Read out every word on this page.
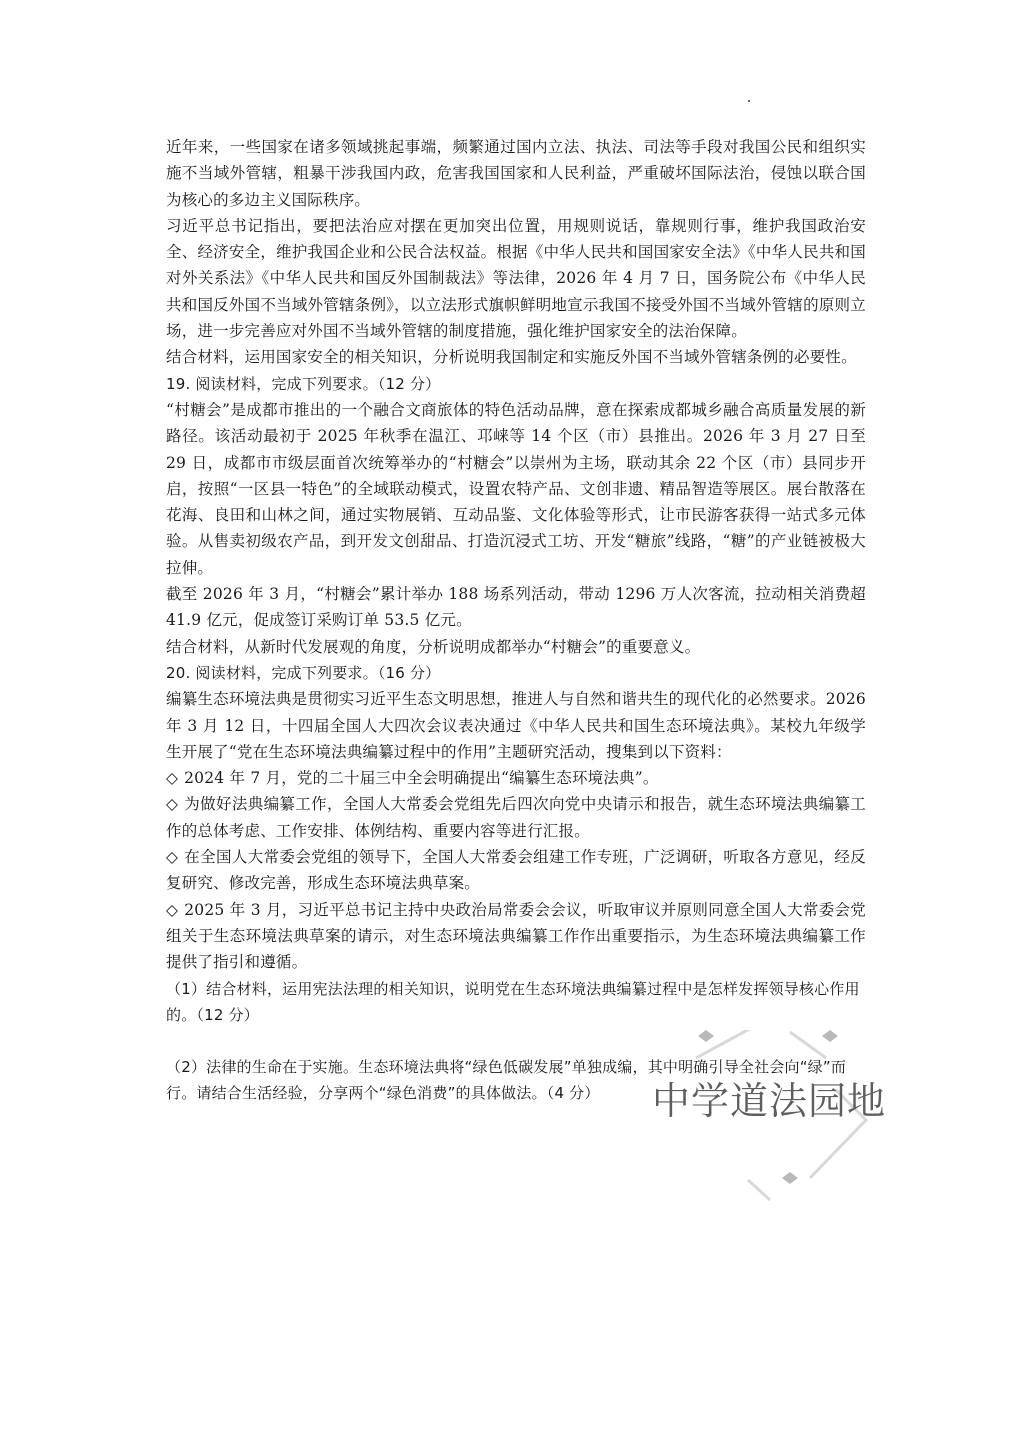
近年来，一些国家在诸多领域挑起事端，频繁通过国内立法、执法、司法等手段对我国公民和组织实施不当域外管辖，粗暴干涉我国内政，危害我国国家和人民利益，严重破坏国际法治，侵蚀以联合国为核心的多边主义国际秩序。

习近平总书记指出，要把法治应对摆在更加突出位置，用规则说话，靠规则行事，维护我国政治安全、经济安全，维护我国企业和公民合法权益。根据《中华人民共和国国家安全法》《中华人民共和国对外关系法》《中华人民共和国反外国制裁法》等法律，2026 年 4 月 7 日，国务院公布《中华人民共和国反外国不当域外管辖条例》，以立法形式旗帜鲜明地宣示我国不接受外国不当域外管辖的原则立场，进一步完善应对外国不当域外管辖的制度措施，强化维护国家安全的法治保障。

结合材料，运用国家安全的相关知识，分析说明我国制定和实施反外国不当域外管辖条例的必要性。

19. 阅读材料，完成下列要求。（12 分）

“村糖会”是成都市推出的一个融合文商旅体的特色活动品牌，意在探索成都城乡融合高质量发展的新路径。该活动最初于 2025 年秋季在温江、邛崃等 14 个区（市）县推出。2026 年 3 月 27 日至 29 日，成都市市级层面首次统筹举办的“村糖会”以崇州为主场，联动其余 22 个区（市）县同步开启，按照“一区县一特色”的全域联动模式，设置农特产品、文创非遗、精品智造等展区。展台散落在花海、良田和山林之间，通过实物展销、互动品鉴、文化体验等形式，让市民游客获得一站式多元体验。从售卖初级农产品，到开发文创甜品、打造沉浸式工坊、开发“糖旅”线路，“糖”的产业链被极大拉伸。

截至 2026 年 3 月，“村糖会”累计举办 188 场系列活动，带动 1296 万人次客流，拉动相关消费超 41.9 亿元，促成签订采购订单 53.5 亿元。

结合材料，从新时代发展观的角度，分析说明成都举办“村糖会”的重要意义。

20. 阅读材料，完成下列要求。（16 分）

编纂生态环境法典是贯彻实习近平生态文明思想，推进人与自然和谐共生的现代化的必然要求。2026 年 3 月 12 日，十四届全国人大四次会议表决通过《中华人民共和国生态环境法典》。某校九年级学生开展了“党在生态环境法典编纂过程中的作用”主题研究活动，搜集到以下资料：

◇ 2024 年 7 月，党的二十届三中全会明确提出“编纂生态环境法典”。

◇ 为做好法典编纂工作，全国人大常委会党组先后四次向党中央请示和报告，就生态环境法典编纂工作的总体考虑、工作安排、体例结构、重要内容等进行汇报。

◇ 在全国人大常委会党组的领导下，全国人大常委会组建工作专班，广泛调研，听取各方意见，经反复研究、修改完善，形成生态环境法典草案。

◇ 2025 年 3 月，习近平总书记主持中央政治局常委会会议，听取审议并原则同意全国人大常委会党组关于生态环境法典草案的请示，对生态环境法典编纂工作作出重要指示，为生态环境法典编纂工作提供了指引和遵循。

（1）结合材料，运用宪法法理的相关知识，说明党在生态环境法典编纂过程中是怎样发挥领导核心作用的。（12 分）

（2）法律的生命在于实施。生态环境法典将“绿色低碳发展”单独成编，其中明确引导全社会向“绿”而行。请结合生活经验，分享两个“绿色消费”的具体做法。（4 分）	中学道法园地
